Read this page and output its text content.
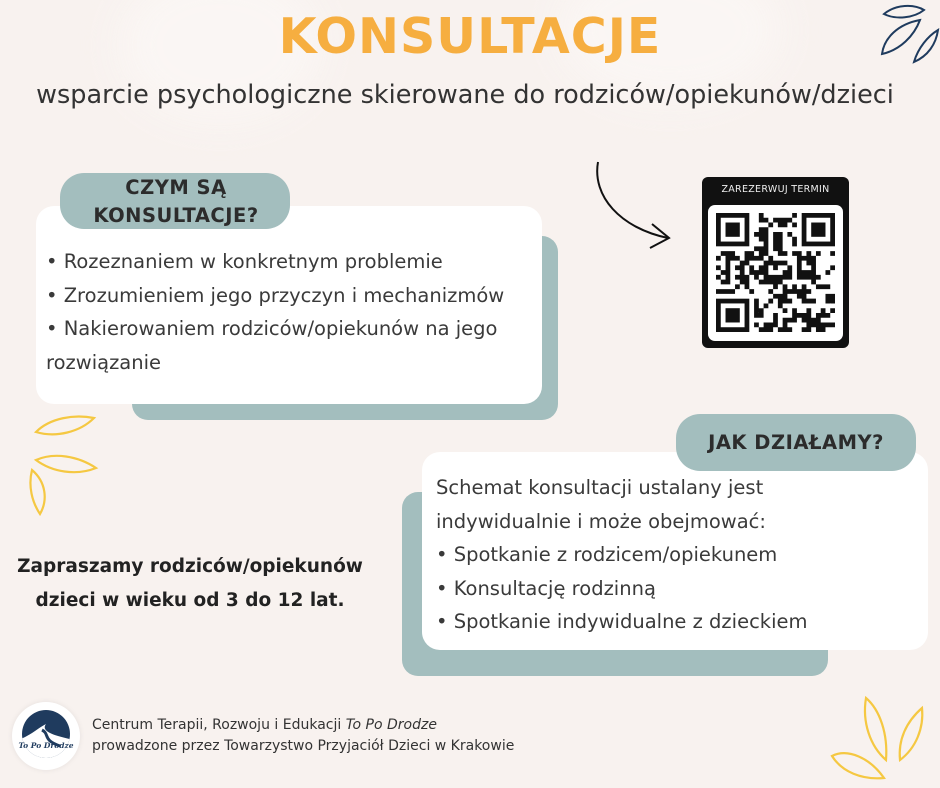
KONSULTACJE
wsparcie psychologiczne skierowane do rodziców/opiekunów/dzieci
CZYM SĄ
KONSULTACJE?
• Rozeznaniem w konkretnym problemie
• Zrozumieniem jego przyczyn i mechanizmów
• Nakierowaniem rodziców/opiekunów na jego
rozwiązanie
ZAREZERWUJ TERMIN
JAK DZIAŁAMY?
Schemat konsultacji ustalany jest
indywidualnie i może obejmować:
• Spotkanie z rodzicem/opiekunem
• Konsultację rodzinną
• Spotkanie indywidualne z dzieckiem
Zapraszamy rodziców/opiekunów
dzieci w wieku od 3 do 12 lat.
To Po Drodze
Centrum Terapii, Rozwoju i Edukacji To Po Drodze
prowadzone przez Towarzystwo Przyjaciół Dzieci w Krakowie
